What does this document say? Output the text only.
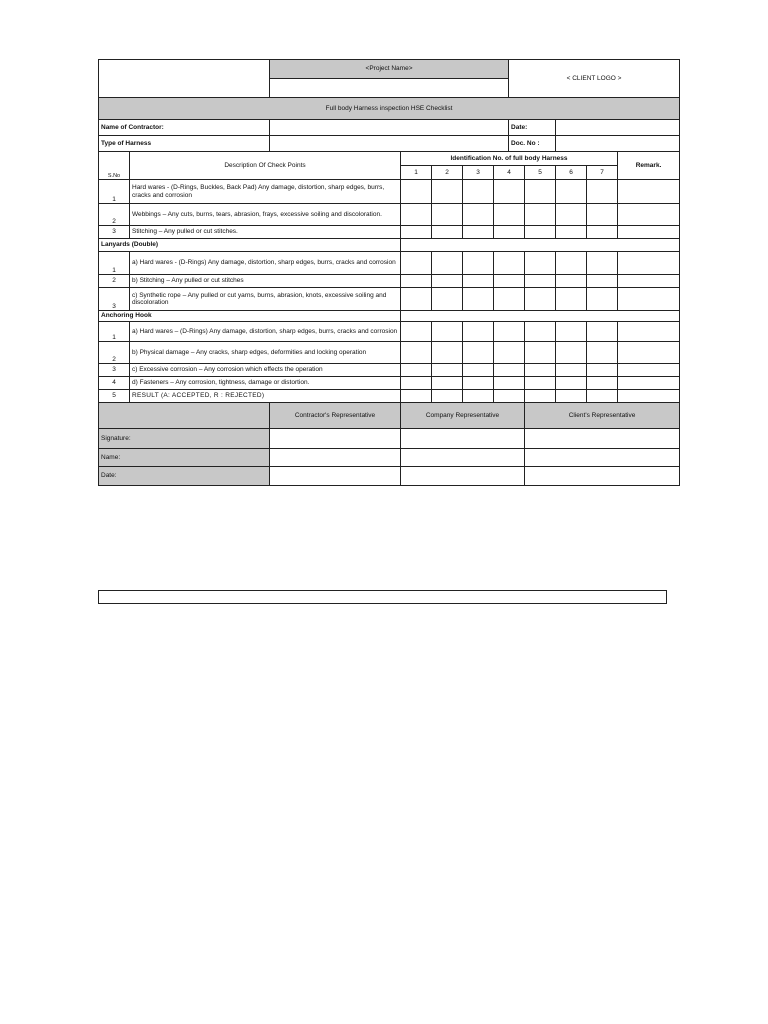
		<Project Name>					< CLIENT LOGO >				

Full body Harness inspection HSE Checklist											
Name of Contractor:							Date:				
Type of Harness							Doc. No :				
S.No	Description Of Check Points		Identification No. of full body Harness								Remark.
			1	2	3	4		5	6	7	
1	Hard wares - (D-Rings, Buckles, Back Pad) Any damage, distortion, sharp edges, burrs, cracks and corrosion										
2	Webbings – Any cuts, burns, tears, abrasion, frays, excessive soiling and discoloration.										
3	Stitching – Any pulled or cut stitches.										
Lanyards (Double)											
1	a) Hard wares - (D-Rings) Any damage, distortion, sharp edges, burrs, cracks and corrosion										
2	b) Stitching – Any pulled or cut stitches										
3	c) Synthetic rope – Any pulled or cut yarns, burns, abrasion, knots, excessive soiling and discoloration										
Anchoring Hook											
1	a) Hard wares – (D-Rings) Any damage, distortion, sharp edges, burrs, cracks and corrosion										
2	b) Physical damage – Any cracks, sharp edges, deformities and locking operation										
3	c) Excessive corrosion – Any corrosion which effects the operation										
4	d) Fasteners – Any corrosion, tightness, damage or distortion.										
5	RESULT (A: ACCEPTED, R : REJECTED)										
		Contractor's Representative	Company Representative					Client's Representative			
Signature:											
Name:											
Date:											
